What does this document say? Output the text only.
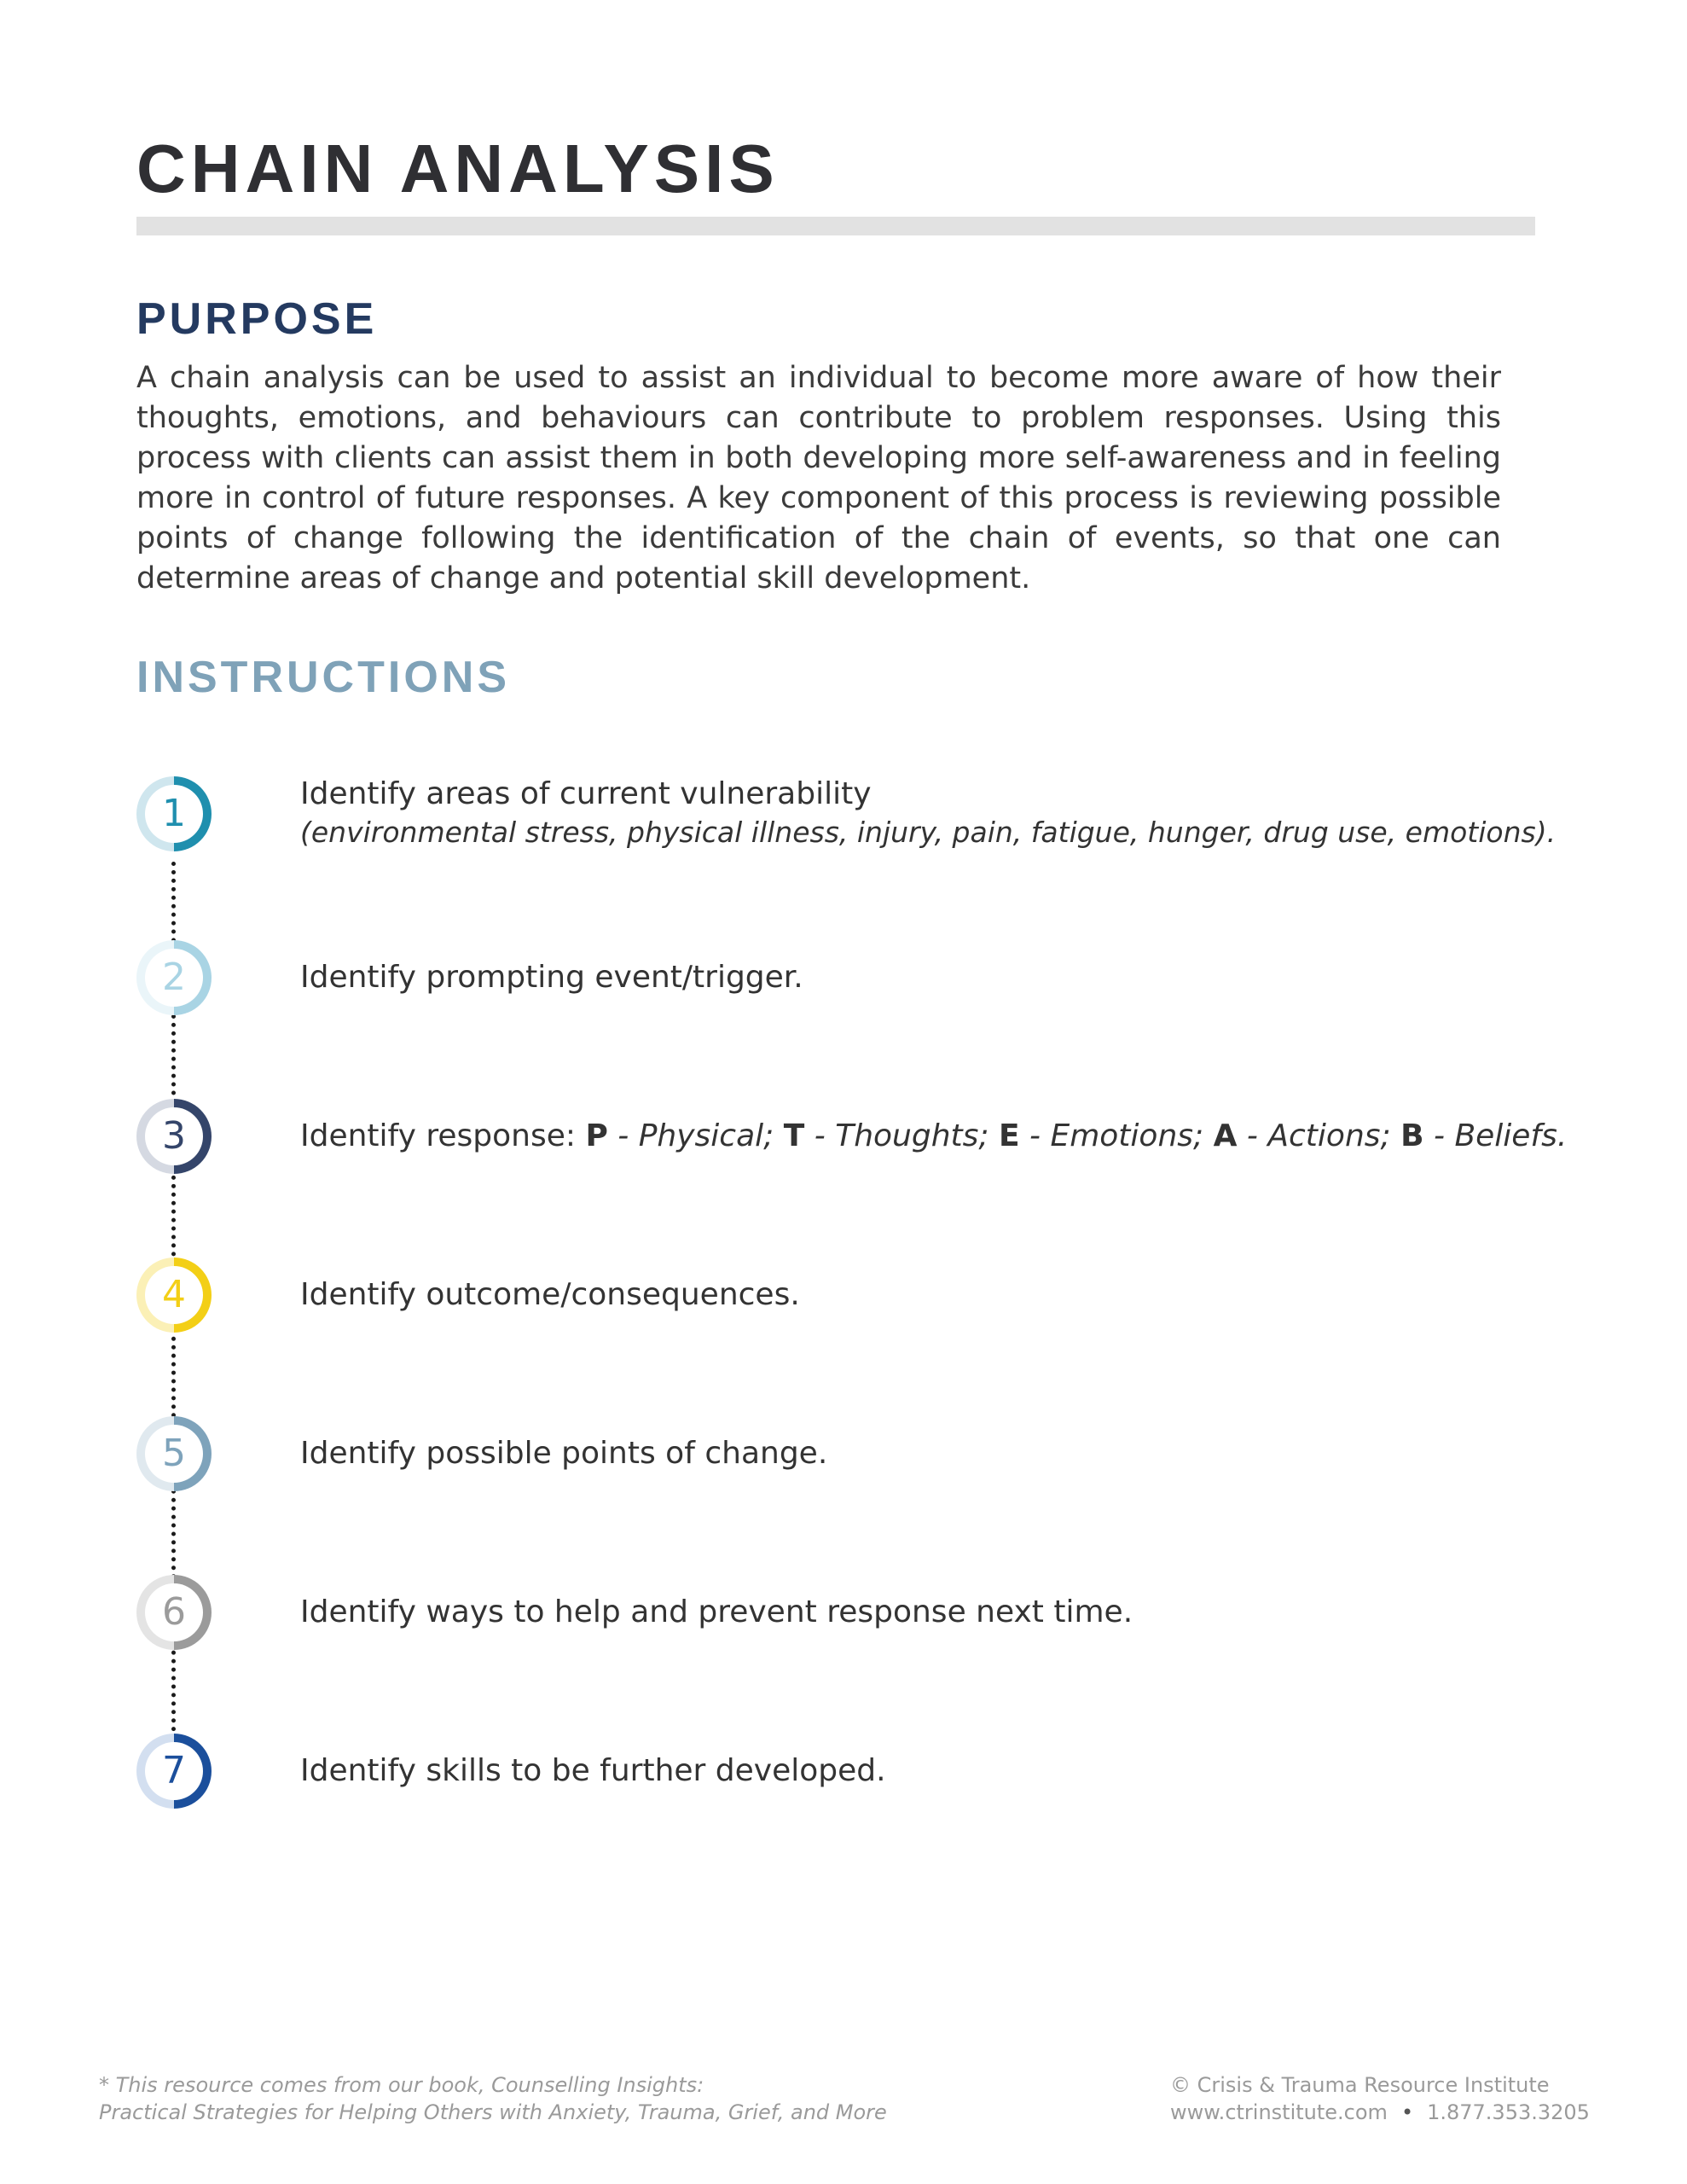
CHAIN ANALYSIS
PURPOSE

A chain analysis can be used to assist an individual to become more aware of how their thoughts, emotions, and behaviours can contribute to problem responses. Using this process with clients can assist them in both developing more self-awareness and in feeling more in control of future responses. A key component of this process is reviewing possible points of change following the identification of the chain of events, so that one can determine areas of change and potential skill development.

INSTRUCTIONS
1	Identify areas of current vulnerability
(environmental stress, physical illness, injury, pain, fatigue, hunger, drug use, emotions).

2	Identify prompting event/trigger.

3	Identify response: P - Physical; T - Thoughts; E - Emotions; A - Actions; B - Beliefs.

4	Identify outcome/consequences.

5	Identify possible points of change.

6	Identify ways to help and prevent response next time.

7	Identify skills to be further developed.

* This resource comes from our book, Counselling Insights:
Practical Strategies for Helping Others with Anxiety, Trauma, Grief, and More

© Crisis & Trauma Resource Institute
www.ctrinstitute.com • 1.877.353.3205
